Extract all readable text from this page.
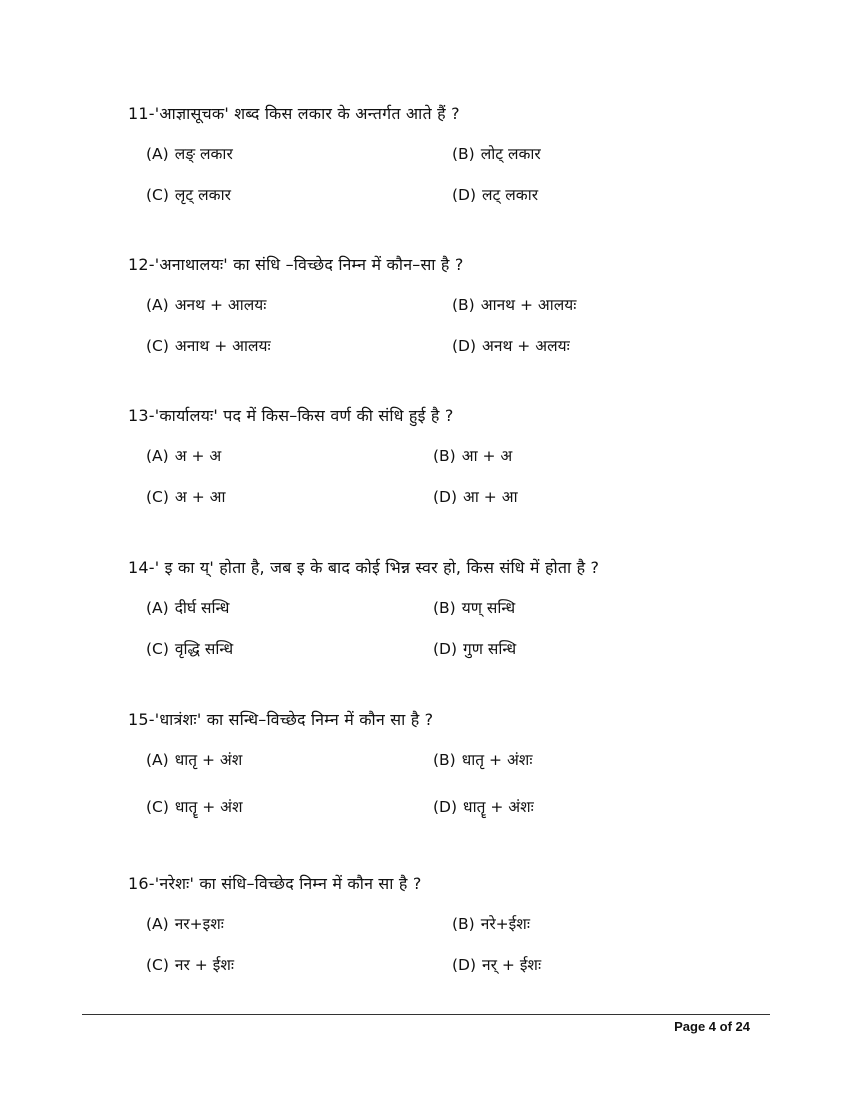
11-'आज्ञासूचक' शब्द किस लकार के अन्तर्गत आते हैं ?
(A) लङ् लकार	(B) लोट् लकार
(C) लृट् लकार	(D) लट् लकार
12-'अनाथालयः' का संधि –विच्छेद निम्न में कौन–सा है ?
(A) अनथ + आलयः	(B) आनथ + आलयः
(C) अनाथ + आलयः	(D) अनथ + अलयः
13-'कार्यालयः' पद में किस–किस वर्ण की संधि हुई है ?
(A) अ + अ	(B) आ + अ
(C) अ + आ	(D) आ + आ
14-' इ का य्' होता है, जब इ के बाद कोई भिन्न स्वर हो, किस संधि में होता है ?
(A) दीर्घ सन्धि	(B) यण् सन्धि
(C) वृद्धि सन्धि	(D) गुण सन्धि
15-'धात्रंशः' का सन्धि–विच्छेद निम्न में कौन सा है ?
(A) धातृ + अंश	(B) धातृ + अंशः
(C) धातॄ + अंश	(D) धातॄ + अंशः
16-'नरेशः' का संधि–विच्छेद निम्न में कौन सा है ?
(A) नर+इशः	(B) नरे+ईशः
(C) नर + ईशः	(D) नर् + ईशः
Page 4 of 24
